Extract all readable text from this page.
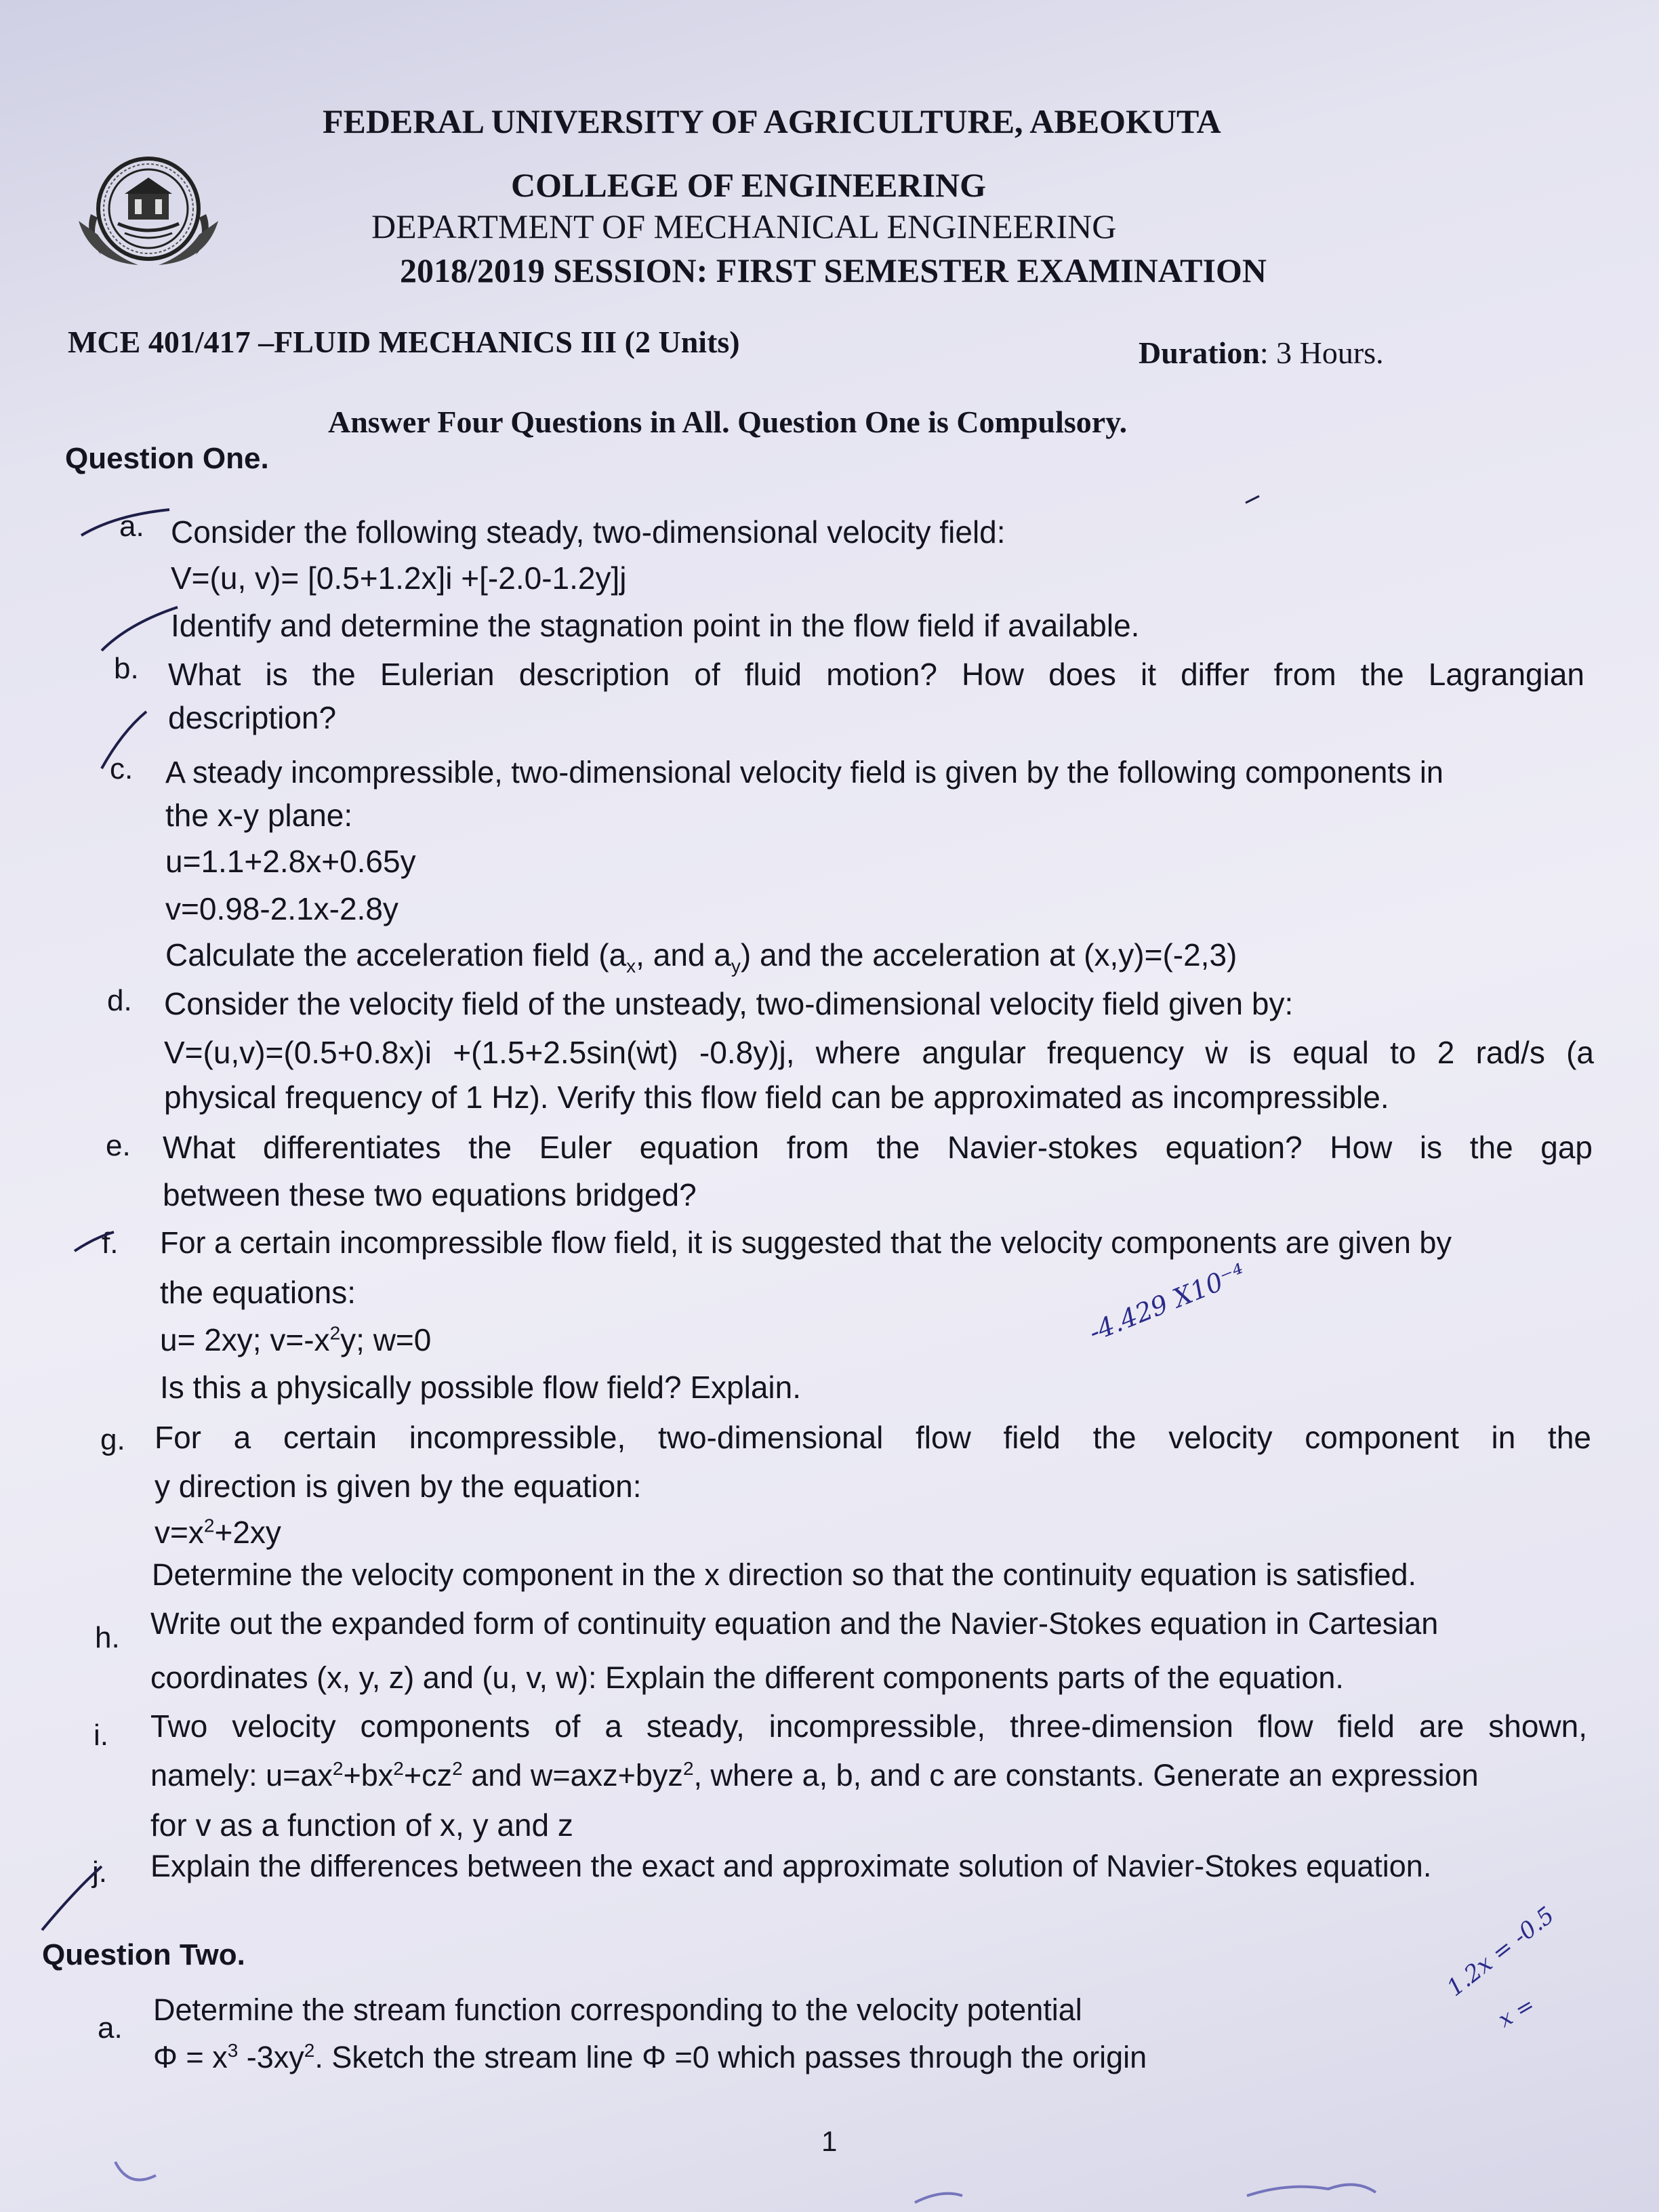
FEDERAL UNIVERSITY OF AGRICULTURE, ABEOKUTA
COLLEGE OF ENGINEERING
DEPARTMENT OF MECHANICAL ENGINEERING
2018/2019 SESSION: FIRST SEMESTER EXAMINATION
MCE 401/417 –FLUID MECHANICS III (2 Units)	Duration: 3 Hours.
Answer Four Questions in All. Question One is Compulsory.
Question One.
a. Consider the following steady, two-dimensional velocity field:
V=(u, v)= [0.5+1.2x]i +[-2.0-1.2y]j
Identify and determine the stagnation point in the flow field if available.
b. What is the Eulerian description of fluid motion? How does it differ from the Lagrangian
description?
c. A steady incompressible, two-dimensional velocity field is given by the following components in
the x-y plane:
u=1.1+2.8x+0.65y
v=0.98-2.1x-2.8y
Calculate the acceleration field ($a_x$, and $a_y$) and the acceleration at (x,y)=(-2,3)
d. Consider the velocity field of the unsteady, two-dimensional velocity field given by:
V=(u,v)=(0.5+0.8x)i +(1.5+2.5sin(ẇt) -0.8y)j, where angular frequency ẇ is equal to 2 rad/s (a
physical frequency of 1 Hz). Verify this flow field can be approximated as incompressible.
e. What differentiates the Euler equation from the Navier-stokes equation? How is the gap
between these two equations bridged?
f. For a certain incompressible flow field, it is suggested that the velocity components are given by
the equations:
u= 2xy; $v=-x^2y$; w=0
Is this a physically possible flow field? Explain.
g. For a certain incompressible, two-dimensional flow field the velocity component in the
y direction is given by the equation:
$v=x^2+2xy$
Determine the velocity component in the x direction so that the continuity equation is satisfied.
h. Write out the expanded form of continuity equation and the Navier-Stokes equation in Cartesian
coordinates (x, y, z) and (u, v, w): Explain the different components parts of the equation.
i. Two velocity components of a steady, incompressible, three-dimension flow field are shown,
namely: $u=ax^2+bx^2+cz^2$ and w=axz+byz$^2$, where a, b, and c are constants. Generate an expression
for v as a function of x, y and z
j. Explain the differences between the exact and approximate solution of Navier-Stokes equation.
Question Two.
a.
Determine the stream function corresponding to the velocity potential
$\Phi = x^3$ $-3xy^2$. Sketch the stream line Φ =0 which passes through the origin
1
-4.429 X10⁻⁴
1.2x = -0.5
x =
